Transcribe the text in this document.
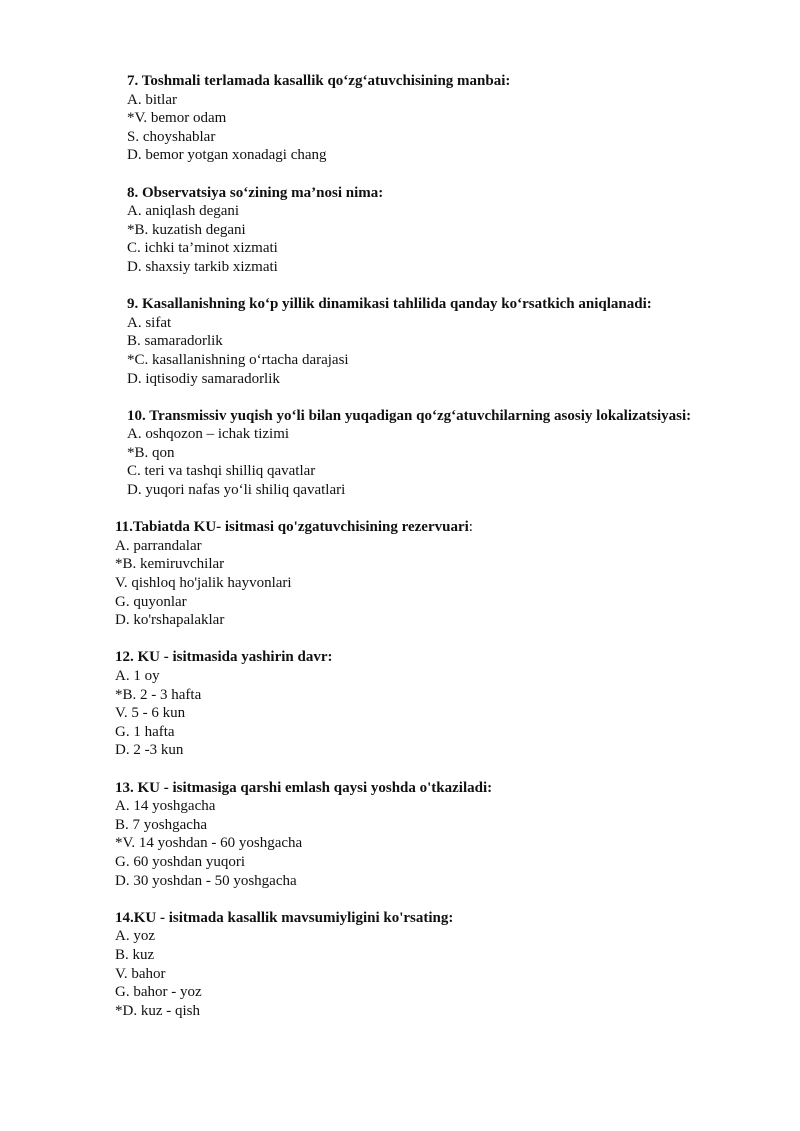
7. Toshmali terlamada kasallik qo‘zg‘atuvchisining manbai:
A. bitlar
*V. bemor odam
S. choyshablar
D. bemor yotgan xonadagi chang
8. Observatsiya so‘zining ma’nosi nima:
A. aniqlash degani
*B. kuzatish degani
C. ichki ta’minot xizmati
D. shaxsiy tarkib xizmati
9. Kasallanishning ko‘p yillik dinamikasi tahlilida qanday ko‘rsatkich aniqlanadi:
A. sifat
B. samaradorlik
*C. kasallanishning o‘rtacha darajasi
D. iqtisodiy samaradorlik
10. Transmissiv yuqish yo‘li bilan yuqadigan qo‘zg‘atuvchilarning asosiy lokalizatsiyasi:
A. oshqozon – ichak tizimi
*B. qon
C. teri va tashqi shilliq qavatlar
D. yuqori nafas yo‘li shiliq qavatlari
11.Tabiatda KU- isitmasi qo'zgatuvchisining rezervuari:
A. parrandalar
*B. kemiruvchilar
V. qishloq ho'jalik hayvonlari
G. quyonlar
D. ko'rshapalaklar
12. KU - isitmasida yashirin davr:
A. 1 oy
*B. 2 - 3 hafta
V. 5 - 6 kun
G. 1 hafta
D. 2 -3 kun
13. KU - isitmasiga qarshi emlash qaysi yoshda o'tkaziladi:
A. 14 yoshgacha
B. 7 yoshgacha
*V. 14 yoshdan - 60 yoshgacha
G. 60 yoshdan yuqori
D. 30 yoshdan - 50 yoshgacha
14.KU - isitmada kasallik mavsumiyligini ko'rsating:
A. yoz
B. kuz
V. bahor
G. bahor - yoz
*D. kuz - qish
